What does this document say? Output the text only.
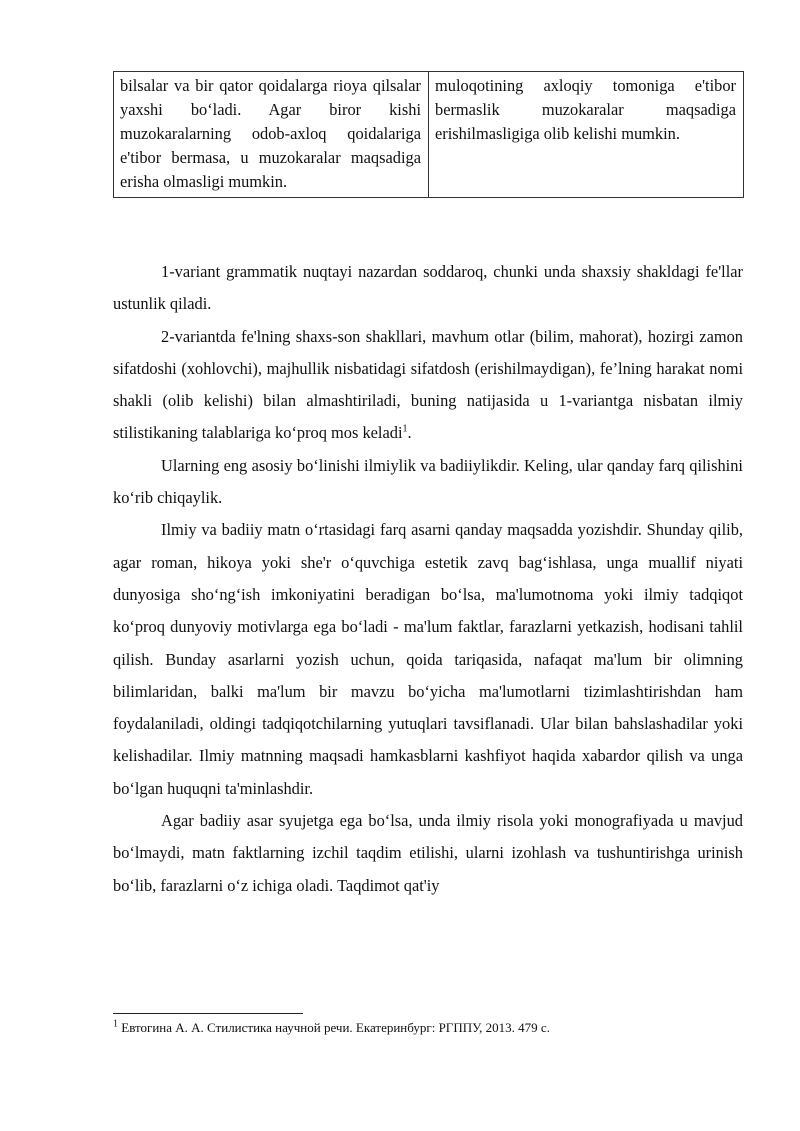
bilsalar va bir qator qoidalarga rioya qilsalar yaxshi bo‘ladi. Agar biror kishi muzokaralarning odob-axloq qoidalariga e'tibor bermasa, u muzokaralar maqsadiga erisha olmasligi mumkin.	muloqotining axloqiy tomoniga e'tibor bermaslik muzokaralar maqsadiga erishilmasligiga olib kelishi mumkin.

1-variant grammatik nuqtayi nazardan soddaroq, chunki unda shaxsiy shakldagi fe'llar ustunlik qiladi.

2-variantda fe'lning shaxs-son shakllari, mavhum otlar (bilim, mahorat), hozirgi zamon sifatdoshi (xohlovchi), majhullik nisbatidagi sifatdosh (erishilmaydigan), fe’lning harakat nomi shakli (olib kelishi) bilan almashtiriladi, buning natijasida u 1-variantga nisbatan ilmiy stilistikaning talablariga ko‘proq mos keladi$^1$.

Ularning eng asosiy bo‘linishi ilmiylik va badiiylikdir. Keling, ular qanday farq qilishini ko‘rib chiqaylik.

Ilmiy va badiiy matn o‘rtasidagi farq asarni qanday maqsadda yozishdir. Shunday qilib, agar roman, hikoya yoki she'r o‘quvchiga estetik zavq bag‘ishlasa, unga muallif niyati dunyosiga sho‘ng‘ish imkoniyatini beradigan bo‘lsa, ma'lumotnoma yoki ilmiy tadqiqot ko‘proq dunyoviy motivlarga ega bo‘ladi - ma'lum faktlar, farazlarni yetkazish, hodisani tahlil qilish. Bunday asarlarni yozish uchun, qoida tariqasida, nafaqat ma'lum bir olimning bilimlaridan, balki ma'lum bir mavzu bo‘yicha ma'lumotlarni tizimlashtirishdan ham foydalaniladi, oldingi tadqiqotchilarning yutuqlari tavsiflanadi. Ular bilan bahslashadilar yoki kelishadilar. Ilmiy matnning maqsadi hamkasblarni kashfiyot haqida xabardor qilish va unga bo‘lgan huquqni ta'minlashdir.

Agar badiiy asar syujetga ega bo‘lsa, unda ilmiy risola yoki monografiyada u mavjud bo‘lmaydi, matn faktlarning izchil taqdim etilishi, ularni izohlash va tushuntirishga urinish bo‘lib, farazlarni o‘z ichiga oladi. Taqdimot qat'iy

$^1$ Евтогина А. А. Стилистика научной речи. Екатеринбург: РГППУ, 2013. 479 с.
